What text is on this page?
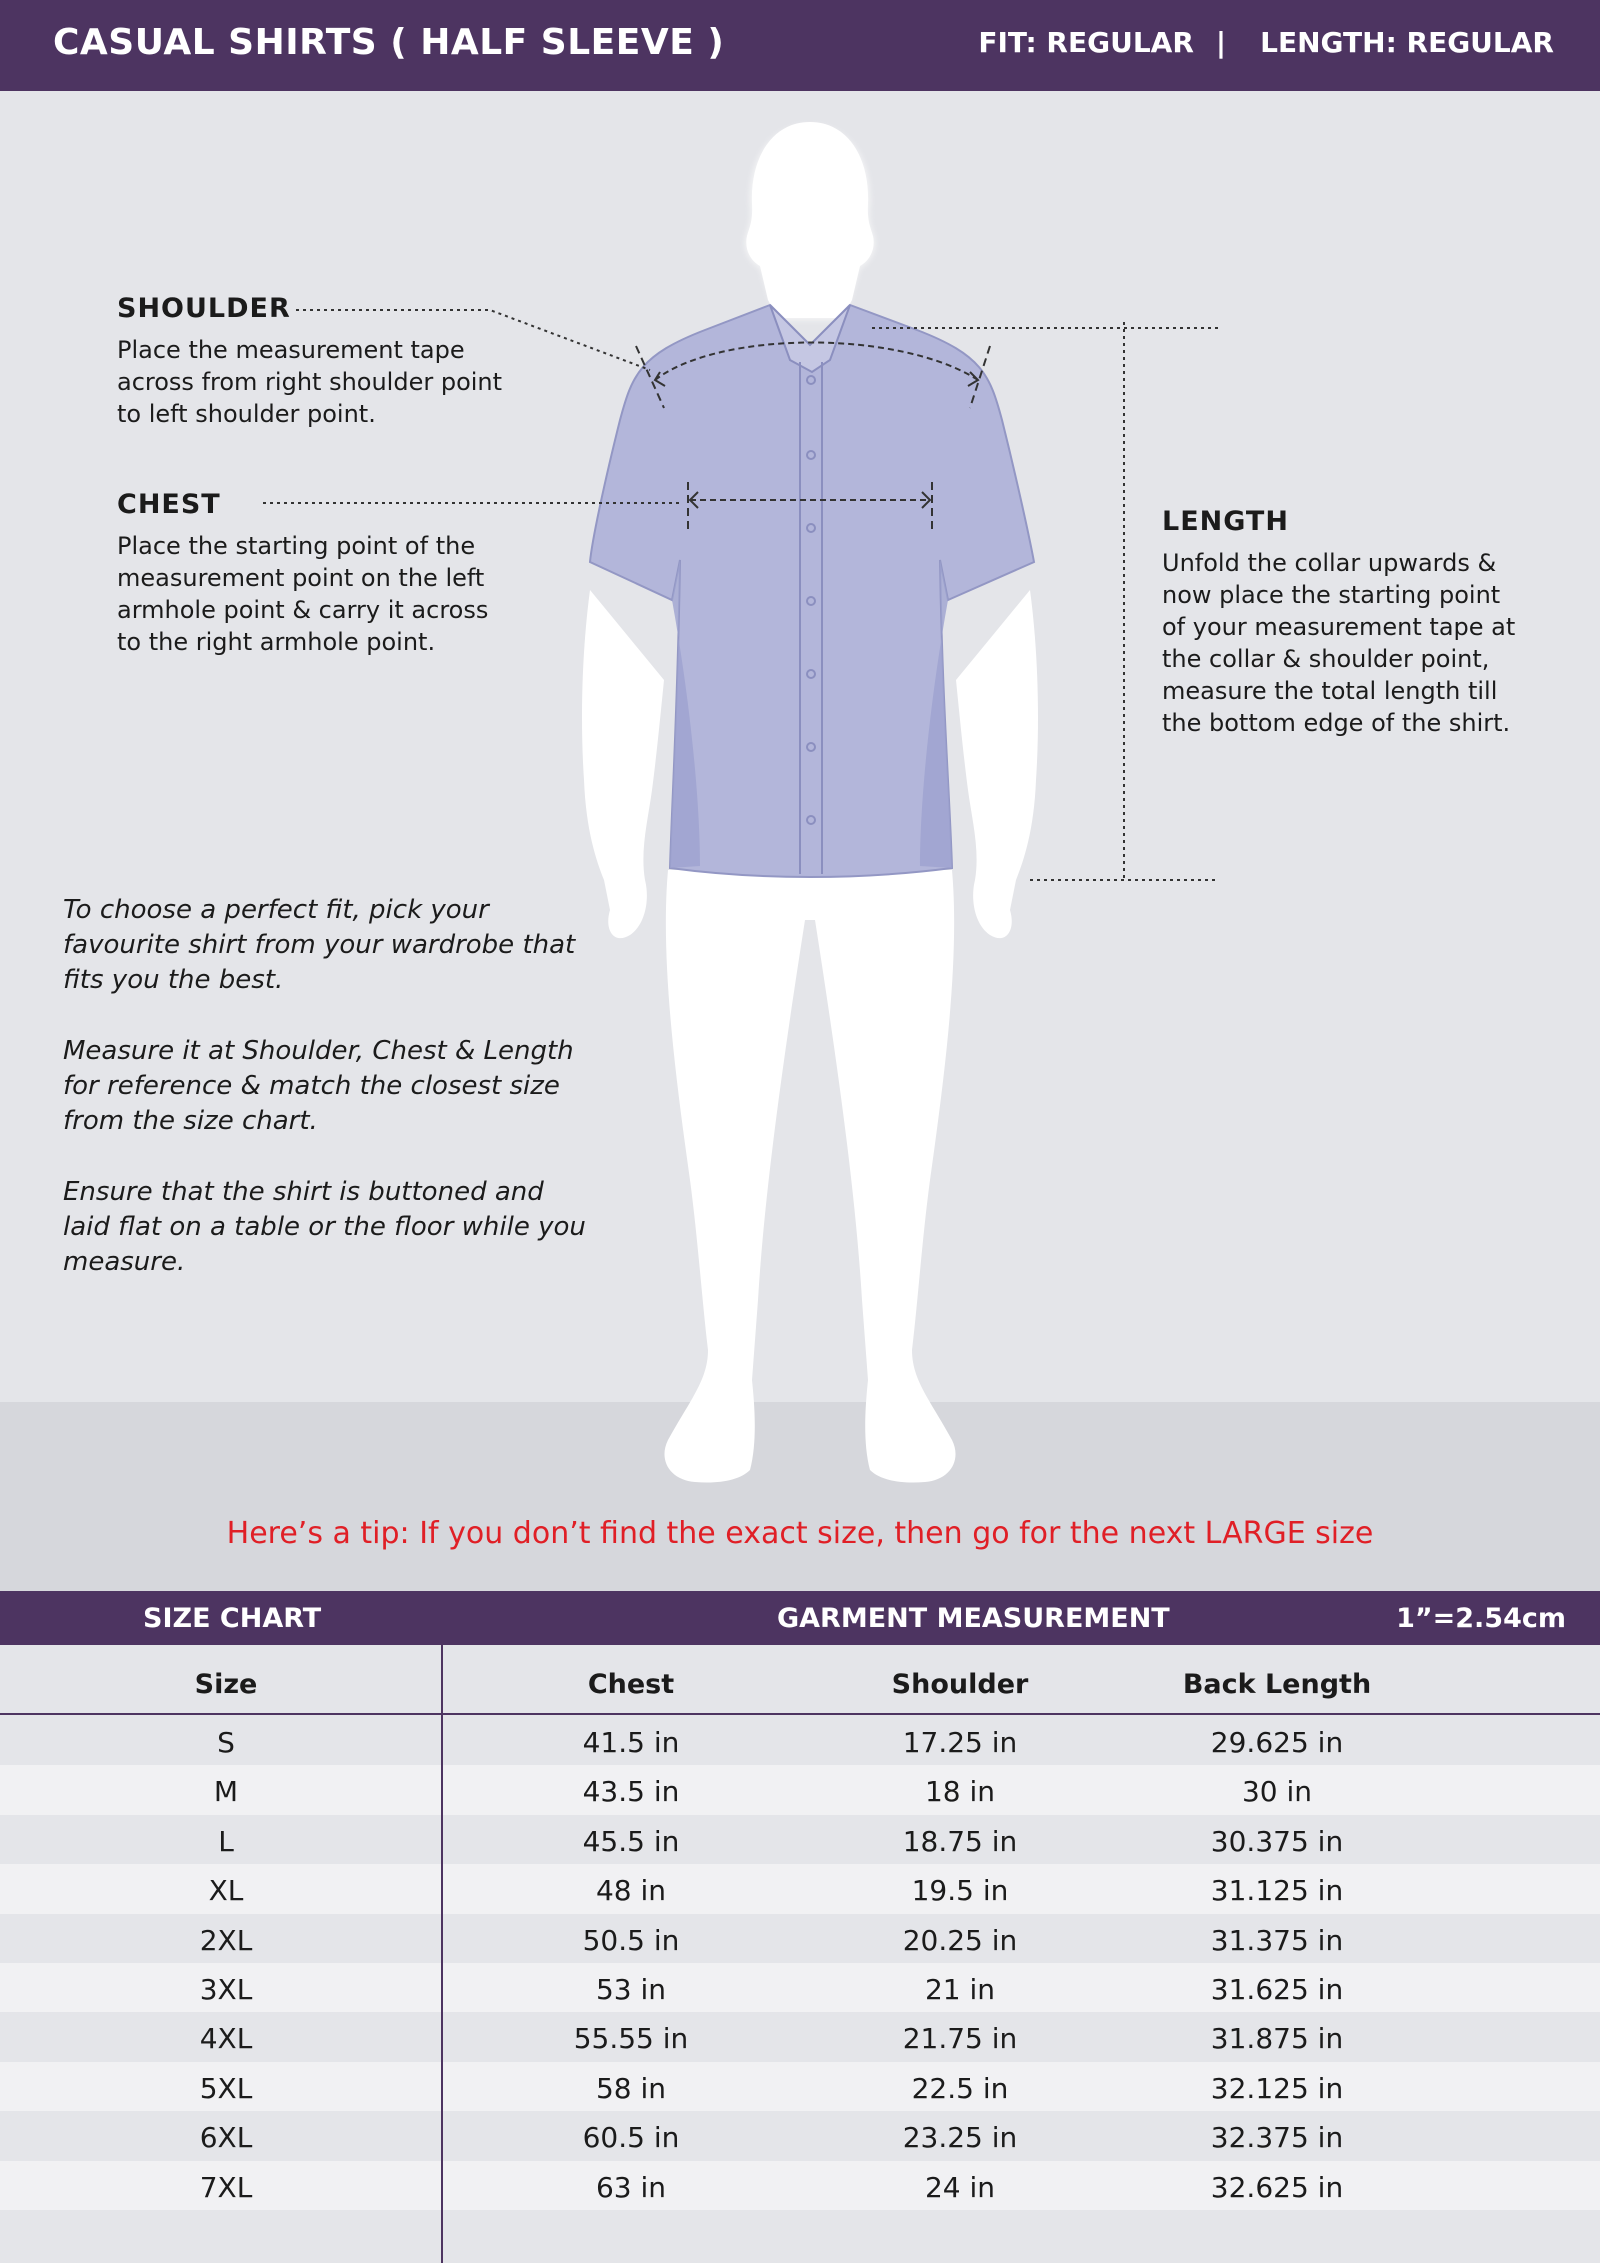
CASUAL SHIRTS ( HALF SLEEVE )	FIT: REGULAR | LENGTH: REGULAR
SHOULDER

Place the measurement tape

across from right shoulder point

to left shoulder point.

CHEST

Place the starting point of the

measurement point on the left

armhole point & carry it across

to the right armhole point.

LENGTH

Unfold the collar upwards &

now place the starting point

of your measurement tape at

the collar & shoulder point,

measure the total length till

the bottom edge of the shirt.

To choose a perfect fit, pick your
favourite shirt from your wardrobe that
fits you the best.

Measure it at Shoulder, Chest & Length
for reference & match the closest size
from the size chart.

Ensure that the shirt is buttoned and
laid flat on a table or the floor while you
measure.

Here’s a tip: If you don’t find the exact size, then go for the next LARGE size
SIZE CHART	GARMENT MEASUREMENT	1”=2.54cm
Size	Chest	Shoulder	Back Length
S	41.5 in	17.25 in	29.625 in
M	43.5 in	18 in	30 in
L	45.5 in	18.75 in	30.375 in
XL	48 in	19.5 in	31.125 in
2XL	50.5 in	20.25 in	31.375 in
3XL	53 in	21 in	31.625 in
4XL	55.55 in	21.75 in	31.875 in
5XL	58 in	22.5 in	32.125 in
6XL	60.5 in	23.25 in	32.375 in
7XL	63 in	24 in	32.625 in
